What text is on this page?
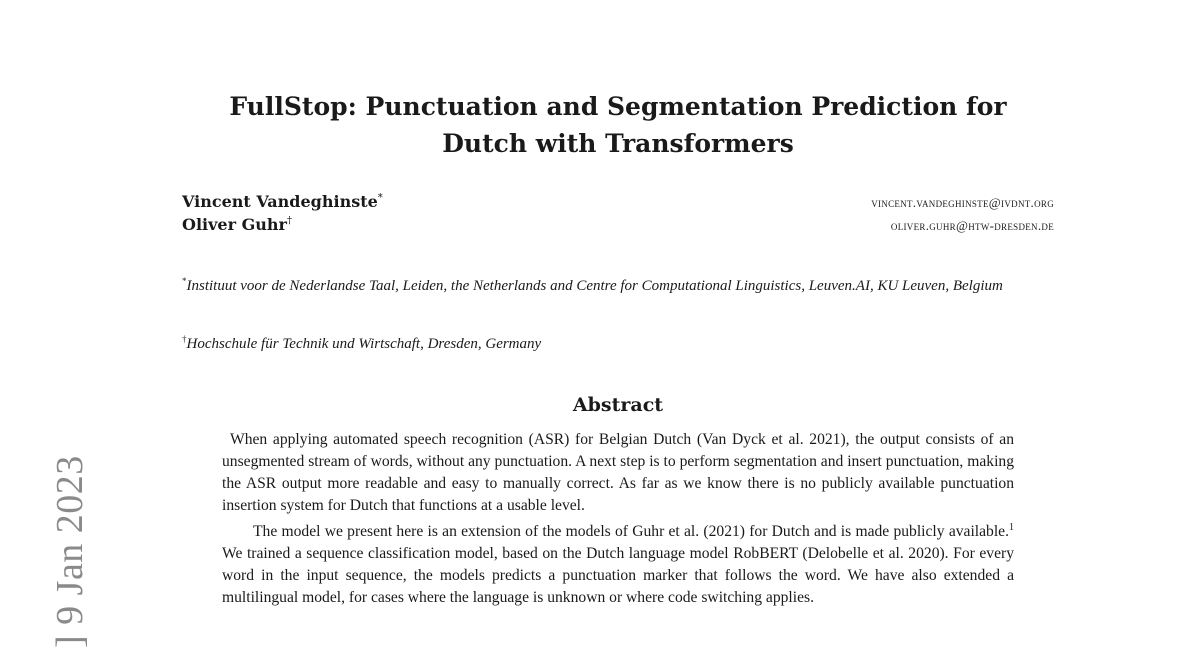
FullStop: Punctuation and Segmentation Prediction for
Dutch with Transformers
Vincent Vandeghinste*	vincent.vandeghinste@ivdnt.org
Oliver Guhr†	oliver.guhr@htw-dresden.de
*Instituut voor de Nederlandse Taal, Leiden, the Netherlands and Centre for Computational Linguistics, Leuven.AI, KU Leuven, Belgium
†Hochschule für Technik und Wirtschaft, Dresden, Germany
Abstract

When applying automated speech recognition (ASR) for Belgian Dutch (Van Dyck et al. 2021), the output consists of an unsegmented stream of words, without any punctuation. A next step is to perform segmentation and insert punctuation, making the ASR output more readable and easy to manually correct. As far as we know there is no publicly available punctuation insertion system for Dutch that functions at a usable level.

The model we present here is an extension of the models of Guhr et al. (2021) for Dutch and is made publicly available.$^1$ We trained a sequence classification model, based on the Dutch language model RobBERT (Delobelle et al. 2020). For every word in the input sequence, the models predicts a punctuation marker that follows the word. We have also extended a multilingual model, for cases where the language is unknown or where code switching applies.

] 9 Jan 2023
